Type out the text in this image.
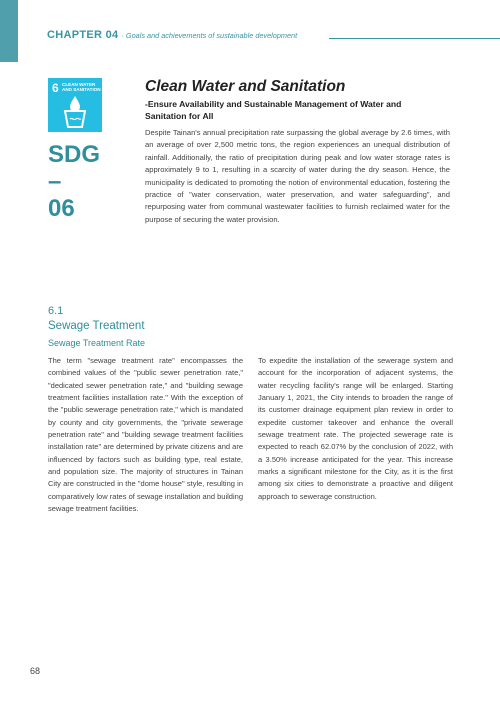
CHAPTER 04 · Goals and achievements of sustainable development
6 CLEAN WATER
AND SANITATION
SDG
–
06
Clean Water and Sanitation
-Ensure Availability and Sustainable Management of Water and Sanitation for All
Despite Tainan's annual precipitation rate surpassing the global average by 2.6 times, with an average of over 2,500 metric tons, the region experiences an unequal distribution of rainfall. Additionally, the ratio of precipitation during peak and low water storage rates is approximately 9 to 1, resulting in a scarcity of water during the dry season. Hence, the municipality is dedicated to promoting the notion of environmental education, fostering the practice of "water conservation, water preservation, and water safeguarding", and repurposing water from communal wastewater facilities to furnish reclaimed water for the purpose of securing the water provision.
6.1
Sewage Treatment
Sewage Treatment Rate
The term "sewage treatment rate" encompasses the combined values of the "public sewer penetration rate," "dedicated sewer penetration rate," and "building sewage treatment facilities installation rate." With the exception of the "public sewerage penetration rate," which is mandated by county and city governments, the "private sewerage penetration rate" and "building sewage treatment facilities installation rate" are determined by private citizens and are influenced by factors such as building type, real estate, and population size. The majority of structures in Tainan City are constructed in the "dome house" style, resulting in comparatively low rates of sewage installation and building sewage treatment facilities.
To expedite the installation of the sewerage system and account for the incorporation of adjacent systems, the water recycling facility's range will be enlarged. Starting January 1, 2021, the City intends to broaden the range of its customer drainage equipment plan review in order to expedite customer takeover and enhance the overall sewage treatment rate. The projected sewerage rate is expected to reach 62.07% by the conclusion of 2022, with a 3.50% increase anticipated for the year. This increase marks a significant milestone for the City, as it is the first among six cities to demonstrate a proactive and diligent approach to sewerage construction.
68
